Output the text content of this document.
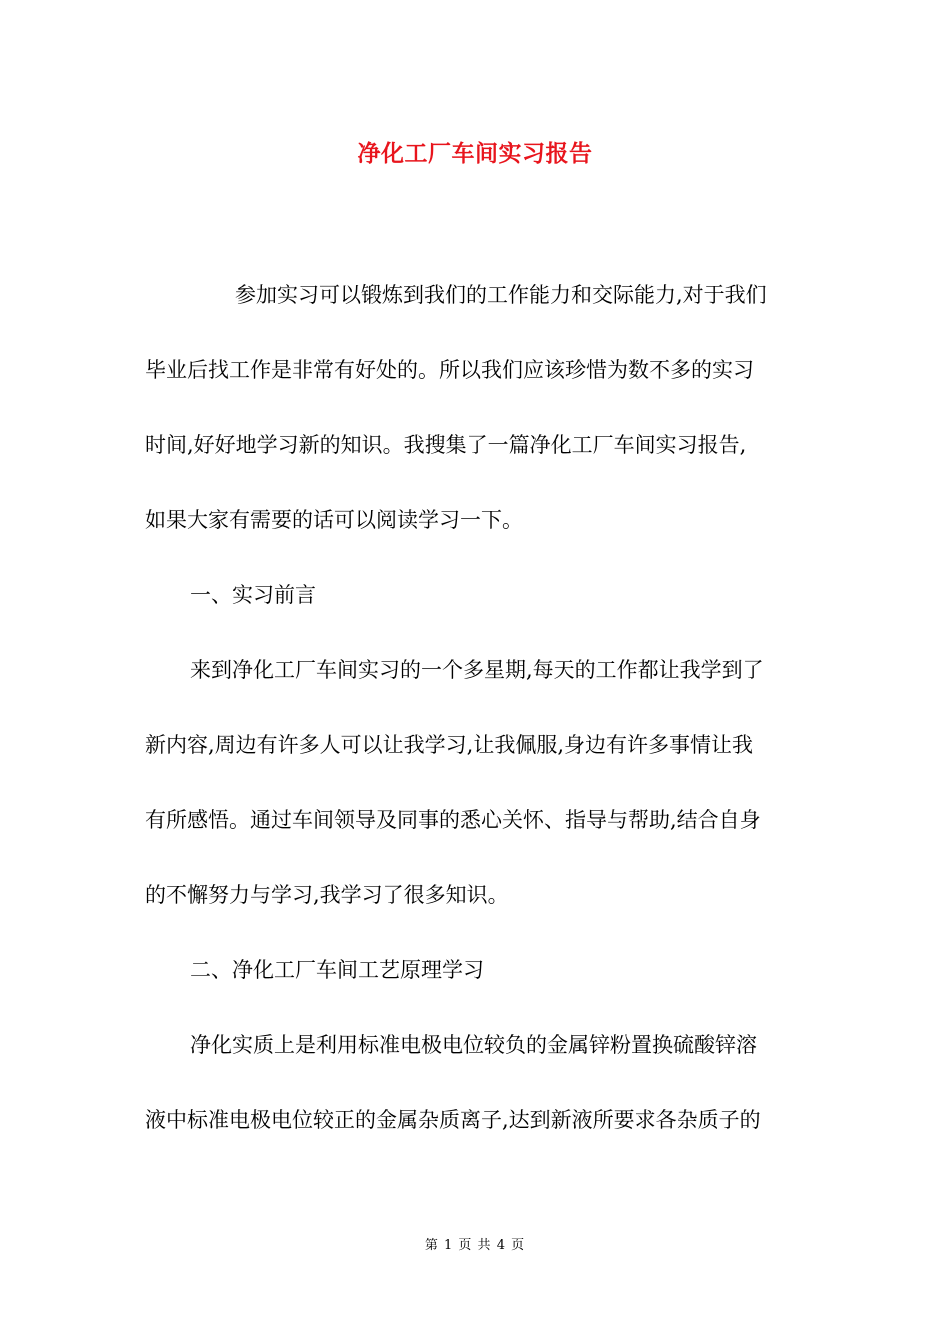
净化工厂车间实习报告
参加实习可以锻炼到我们的工作能力和交际能力,对于我们
毕业后找工作是非常有好处的。所以我们应该珍惜为数不多的实习
时间,好好地学习新的知识。我搜集了一篇净化工厂车间实习报告,
如果大家有需要的话可以阅读学习一下。
一、实习前言
来到净化工厂车间实习的一个多星期,每天的工作都让我学到了
新内容,周边有许多人可以让我学习,让我佩服,身边有许多事情让我
有所感悟。通过车间领导及同事的悉心关怀、指导与帮助,结合自身
的不懈努力与学习,我学习了很多知识。
二、净化工厂车间工艺原理学习
净化实质上是利用标准电极电位较负的金属锌粉置换硫酸锌溶
液中标准电极电位较正的金属杂质离子,达到新液所要求各杂质子的
第 1 页 共 4 页
